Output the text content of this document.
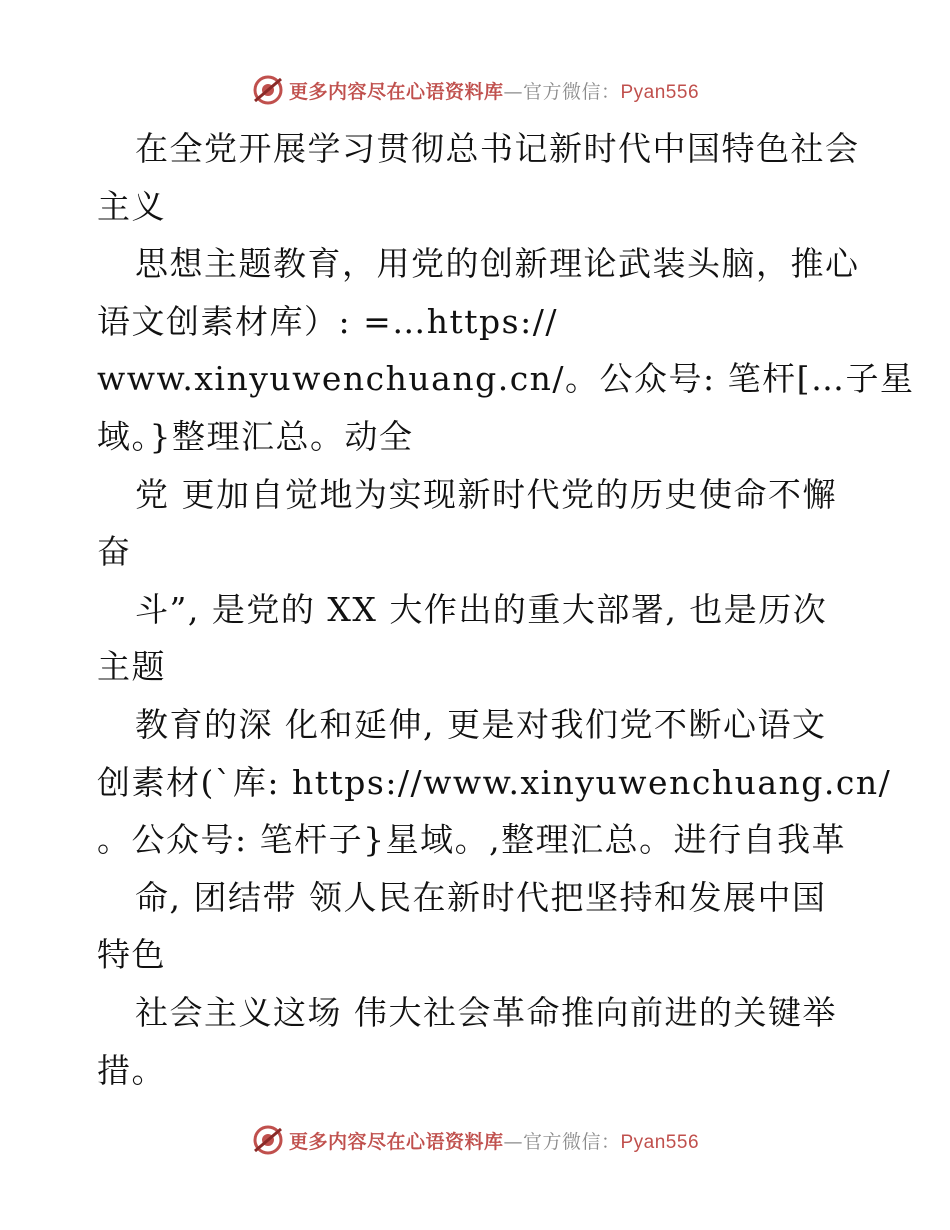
更多内容尽在心语资料库—官方微信：Pyan556
在全党开展学习贯彻总书记新时代中国特色社会
主义
思想主题教育，用党的创新理论武装头脑，推心
语文创素材库）: =…https://
www.xinyuwenchuang.cn/。公众号: 笔杆[…子星
域。}整理汇总。动全
党 更加自觉地为实现新时代党的历史使命不懈
奋
斗”, 是党的 XX 大作出的重大部署, 也是历次
主题
教育的深 化和延伸, 更是对我们党不断心语文
创素材(`库: https://www.xinyuwenchuang.cn/
。公众号: 笔杆子}星域。,整理汇总。进行自我革
命, 团结带 领人民在新时代把坚持和发展中国
特色
社会主义这场 伟大社会革命推向前进的关键举
措。
更多内容尽在心语资料库—官方微信：Pyan556
